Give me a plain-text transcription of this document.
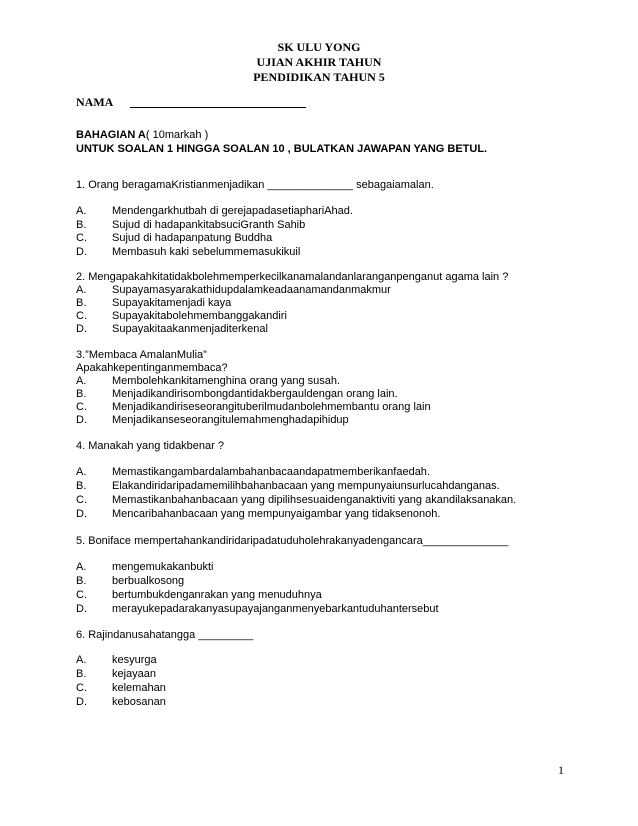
SK ULU YONG
UJIAN AKHIR TAHUN
PENDIDIKAN TAHUN 5
NAMA
BAHAGIAN A( 10markah )
UNTUK SOALAN 1 HINGGA SOALAN 10 , BULATKAN JAWAPAN YANG BETUL.
1. Orang beragamaKristianmenjadikan ______________ sebagaiamalan.
A. Mendengarkhutbah di gerejapadasetiapharіAhad.
B. Sujud di hadapankitabsuciGranth Sahib
C. Sujud di hadapanpatung Buddha
D. Membasuh kaki sebelummemasukikuil
2. Mengapakahkitatidakbolehmemperkecilkanamalandanlaranganpenganut agama lain ?
A. Supayamasyarakathidupdalamkeadaanamandanmakmur
B. Supayakitamenjadi kaya
C. Supayakitabolehmembanggakandiri
D. Supayakitaakanmenjaditerkenal
3.”Membaca AmalanMulia”
Apakahkepentinganmembaca?
A. Membolehkankitamenghina orang yang susah.
B. Menjadikandirisombongdantidakbergauldengan orang lain.
C. Menjadikandiriseseorangituberilmudanbolehmembantu orang lain
D. Menjadikanseseorangitulemahmenghadapihidup
4. Manakah yang tidakbenar ?
A. Memastikangambardalambahanbacaandapatmemberikanfaedah.
B. Elakandiridaripadamemilihbahanbacaan yang mempunyaiunsurlucahdanganas.
C. Memastikanbahanbacaan yang dipilihsesuaidenganaktiviti yang akandilaksanakan.
D. Mencaribahanbacaan yang mempunyaigambar yang tidaksenonoh.
5. Boniface mempertahankandiridaripadatuduholehrakanyadengancara______________
A. mengemukakanbukti
B. berbualkosong
C. bertumbukdenganrakan yang menuduhnya
D. merayukepadarakanyasupayajanganmenyebarkantuduhantersebut
6. Rajindanusahatangga _________
A. kesyurga
B. kejayaan
C. kelemahan
D. kebosanan
1
